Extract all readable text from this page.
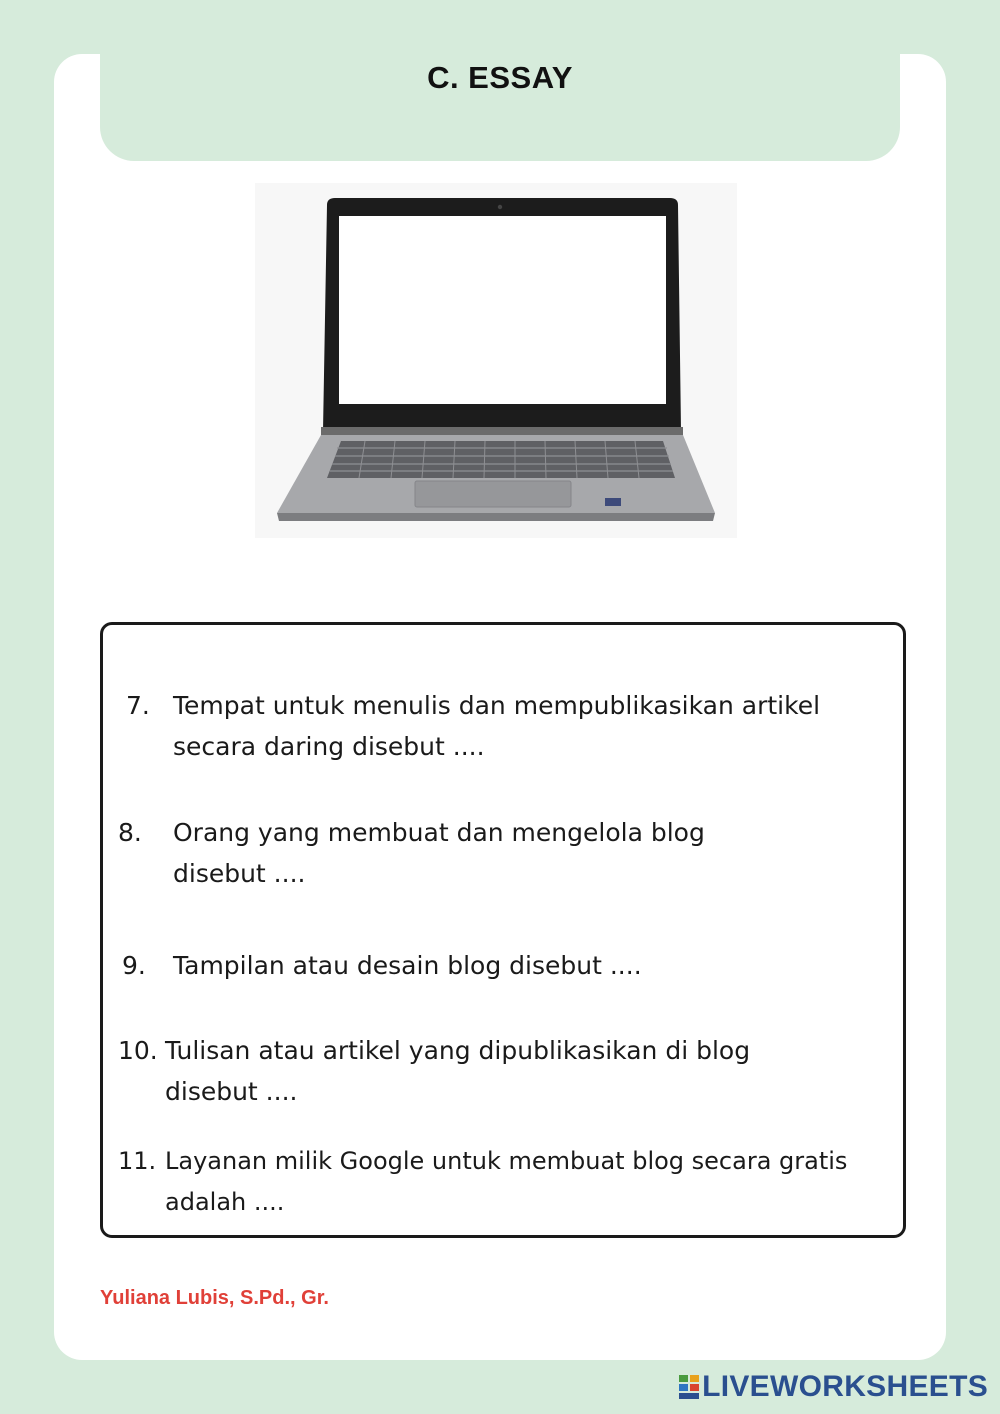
C. ESSAY
7. Tempat untuk menulis dan mempublikasikan artikel
secara daring disebut ....
8. Orang yang membuat dan mengelola blog
disebut ....
9. Tampilan atau desain blog disebut ....
10. Tulisan atau artikel yang dipublikasikan di blog
disebut ....
11. Layanan milik Google untuk membuat blog secara gratis
adalah ....
Yuliana Lubis, S.Pd., Gr.
LIVEWORKSHEETS
